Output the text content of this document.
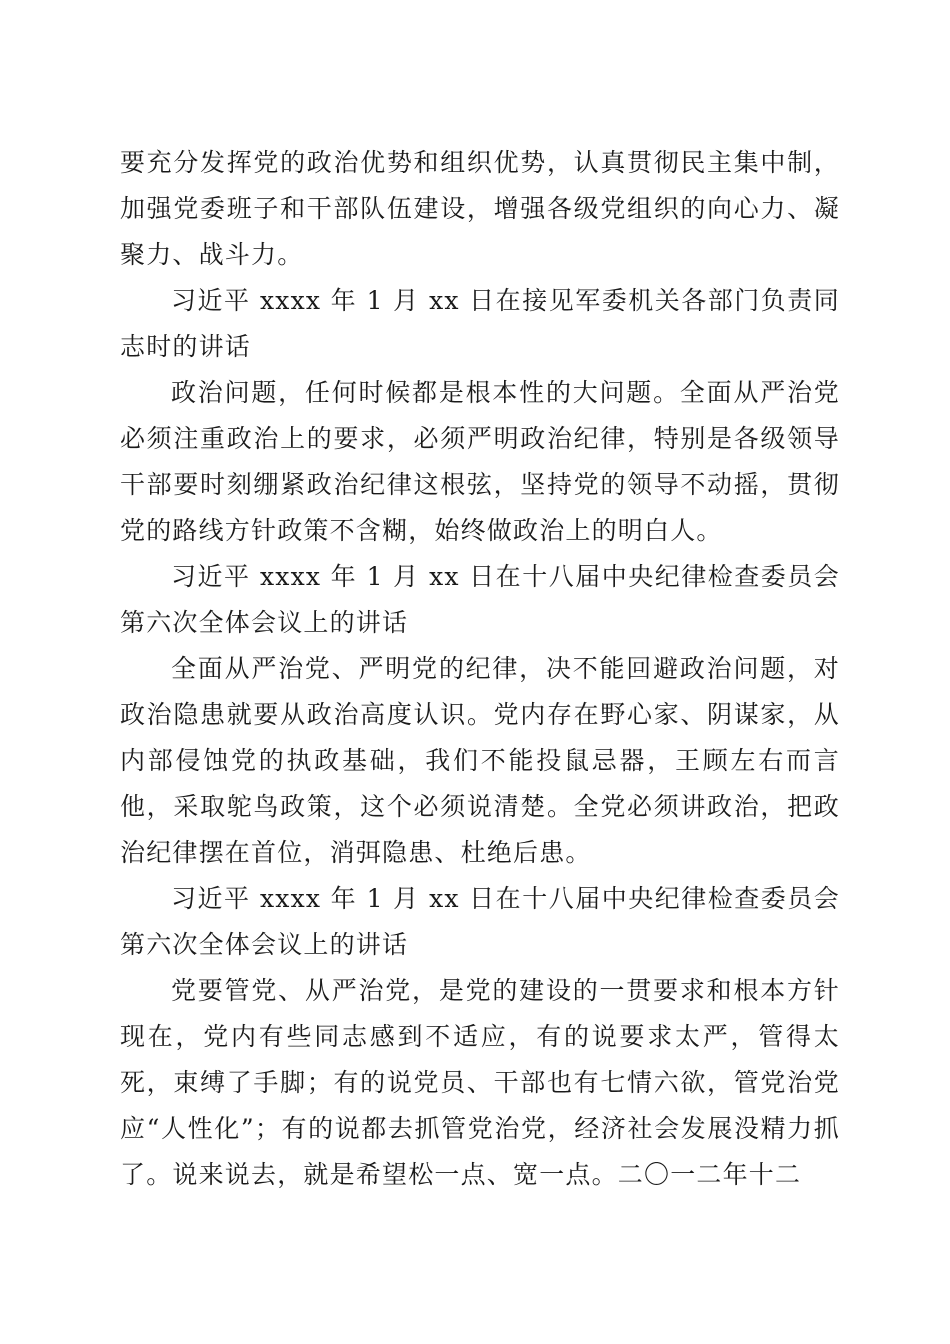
要充分发挥党的政治优势和组织优势，认真贯彻民主集中制，加强党委班子和干部队伍建设，增强各级党组织的向心力、凝聚力、战斗力。

习近平 xxxx 年 1 月 xx 日在接见军委机关各部门负责同志时的讲话

政治问题，任何时候都是根本性的大问题。全面从严治党必须注重政治上的要求，必须严明政治纪律，特别是各级领导干部要时刻绷紧政治纪律这根弦，坚持党的领导不动摇，贯彻党的路线方针政策不含糊，始终做政治上的明白人。

习近平 xxxx 年 1 月 xx 日在十八届中央纪律检查委员会第六次全体会议上的讲话

全面从严治党、严明党的纪律，决不能回避政治问题，对政治隐患就要从政治高度认识。党内存在野心家、阴谋家，从内部侵蚀党的执政基础，我们不能投鼠忌器，王顾左右而言他，采取鸵鸟政策，这个必须说清楚。全党必须讲政治，把政治纪律摆在首位，消弭隐患、杜绝后患。

习近平 xxxx 年 1 月 xx 日在十八届中央纪律检查委员会第六次全体会议上的讲话

党要管党、从严治党，是党的建设的一贯要求和根本方针现在，党内有些同志感到不适应，有的说要求太严，管得太死，束缚了手脚；有的说党员、干部也有七情六欲，管党治党应“人性化”；有的说都去抓管党治党，经济社会发展没精力抓了。说来说去，就是希望松一点、宽一点。二〇一二年十二
